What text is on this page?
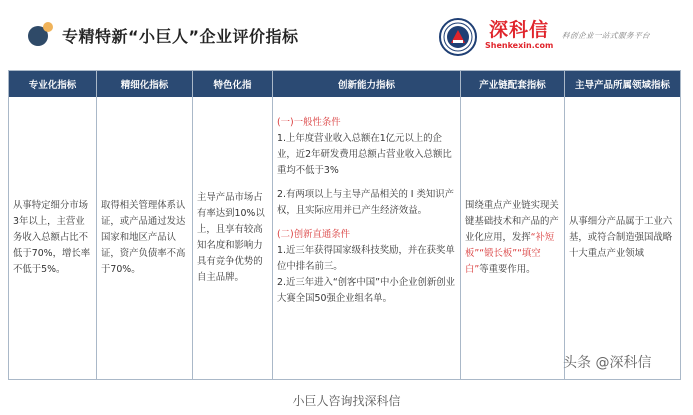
专精特新“小巨人”企业评价指标	深科信
Shenkexin.com
科创企业一站式服务平台
专业化指标
从事特定细分市场3年以上，主营业务收入总额占比不低于70%，增长率不低于5%。
精细化指标
取得相关管理体系认证，或产品通过发达国家和地区产品认证，资产负债率不高于70%。
特色化指
主导产品市场占有率达到10%以上，且享有较高知名度和影响力具有竞争优势的自主品牌。
创新能力指标
(一)一般性条件
1.上年度营业收入总额在1亿元以上的企业，近2年研发费用总额占营业收入总额比重均不低于3%
2.有两项以上与主导产品相关的 I 类知识产权，且实际应用并已产生经济效益。
(二)创新直通条件
1.近三年获得国家级科技奖励，并在获奖单位中排名前三。
2.近三年进入“创客中国”中小企业创新创业大赛全国50强企业组名单。
产业链配套指标
围绕重点产业链实现关键基础技术和产品的产业化应用，发挥“补短板”“锻长板”“填空白”等重要作用。
主导产品所属领域指标
从事细分产品属于工业六基，或符合制造强国战略十大重点产业领域
头条 @深科信
小巨人咨询找深科信
